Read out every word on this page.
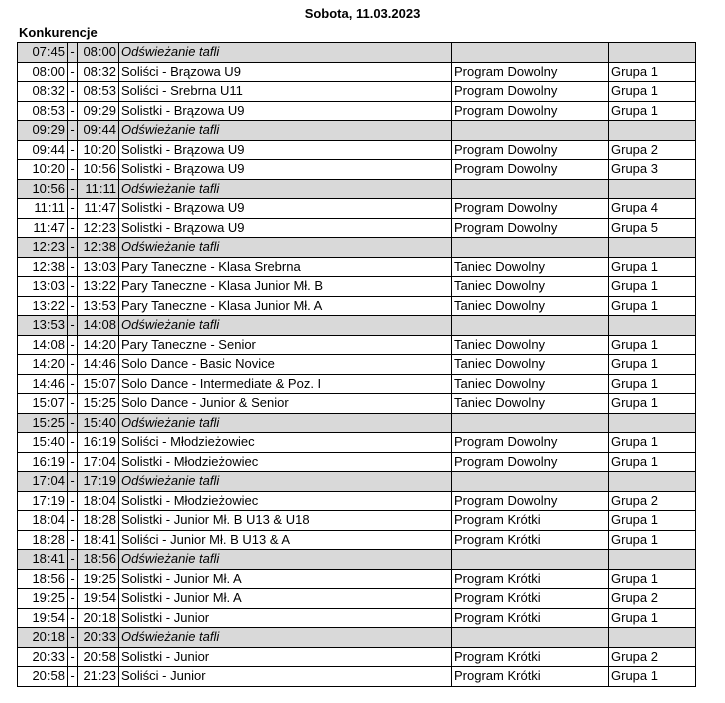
Sobota, 11.03.2023
Konkurencje
07:45	-	08:00	Odświeżanie tafli		
08:00	-	08:32	Soliści - Brązowa U9	Program Dowolny	Grupa 1
08:32	-	08:53	Soliści - Srebrna U11	Program Dowolny	Grupa 1
08:53	-	09:29	Solistki - Brązowa U9	Program Dowolny	Grupa 1
09:29	-	09:44	Odświeżanie tafli		
09:44	-	10:20	Solistki - Brązowa U9	Program Dowolny	Grupa 2
10:20	-	10:56	Solistki - Brązowa U9	Program Dowolny	Grupa 3
10:56	-	11:11	Odświeżanie tafli		
11:11	-	11:47	Solistki - Brązowa U9	Program Dowolny	Grupa 4
11:47	-	12:23	Solistki - Brązowa U9	Program Dowolny	Grupa 5
12:23	-	12:38	Odświeżanie tafli		
12:38	-	13:03	Pary Taneczne - Klasa Srebrna	Taniec Dowolny	Grupa 1
13:03	-	13:22	Pary Taneczne - Klasa Junior Mł. B	Taniec Dowolny	Grupa 1
13:22	-	13:53	Pary Taneczne - Klasa Junior Mł. A	Taniec Dowolny	Grupa 1
13:53	-	14:08	Odświeżanie tafli		
14:08	-	14:20	Pary Taneczne - Senior	Taniec Dowolny	Grupa 1
14:20	-	14:46	Solo Dance - Basic Novice	Taniec Dowolny	Grupa 1
14:46	-	15:07	Solo Dance - Intermediate & Poz. I	Taniec Dowolny	Grupa 1
15:07	-	15:25	Solo Dance - Junior & Senior	Taniec Dowolny	Grupa 1
15:25	-	15:40	Odświeżanie tafli		
15:40	-	16:19	Soliści - Młodzieżowiec	Program Dowolny	Grupa 1
16:19	-	17:04	Solistki - Młodzieżowiec	Program Dowolny	Grupa 1
17:04	-	17:19	Odświeżanie tafli		
17:19	-	18:04	Solistki - Młodzieżowiec	Program Dowolny	Grupa 2
18:04	-	18:28	Solistki - Junior Mł. B U13 & U18	Program Krótki	Grupa 1
18:28	-	18:41	Soliści - Junior Mł. B U13 & A	Program Krótki	Grupa 1
18:41	-	18:56	Odświeżanie tafli		
18:56	-	19:25	Solistki - Junior Mł. A	Program Krótki	Grupa 1
19:25	-	19:54	Solistki - Junior Mł. A	Program Krótki	Grupa 2
19:54	-	20:18	Solistki - Junior	Program Krótki	Grupa 1
20:18	-	20:33	Odświeżanie tafli		
20:33	-	20:58	Solistki - Junior	Program Krótki	Grupa 2
20:58	-	21:23	Soliści - Junior	Program Krótki	Grupa 1
